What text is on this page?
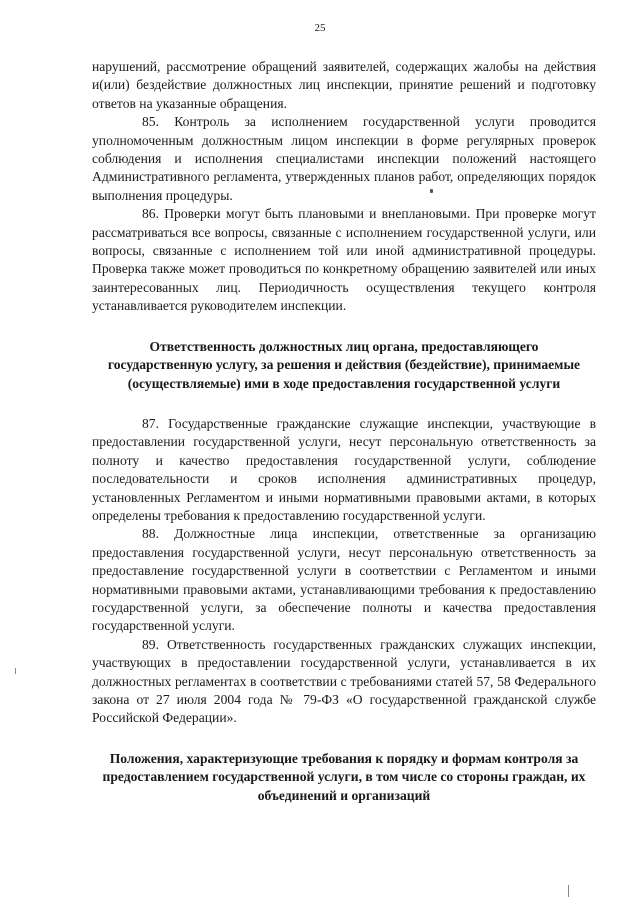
25

нарушений, рассмотрение обращений заявителей, содержащих жалобы на действия и(или) бездействие должностных лиц инспекции, принятие решений и подготовку ответов на указанные обращения.

85. Контроль за исполнением государственной услуги проводится уполномоченным должностным лицом инспекции в форме регулярных проверок соблюдения и исполнения специалистами инспекции положений настоящего Административного регламента, утвержденных планов работ, определяющих порядок выполнения процедуры.

86. Проверки могут быть плановыми и внеплановыми. При проверке могут рассматриваться все вопросы, связанные с исполнением государственной услуги, или вопросы, связанные с исполнением той или иной административной процедуры. Проверка также может проводиться по конкретному обращению заявителей или иных заинтересованных лиц. Периодичность осуществления текущего контроля устанавливается руководителем инспекции.

Ответственность должностных лиц органа, предоставляющего государственную услугу, за решения и действия (бездействие), принимаемые (осуществляемые) ими в ходе предоставления государственной услуги

87. Государственные гражданские служащие инспекции, участвующие в предоставлении государственной услуги, несут персональную ответственность за полноту и качество предоставления государственной услуги, соблюдение последовательности и сроков исполнения административных процедур, установленных Регламентом и иными нормативными правовыми актами, в которых определены требования к предоставлению государственной услуги.

88. Должностные лица инспекции, ответственные за организацию предоставления государственной услуги, несут персональную ответственность за предоставление государственной услуги в соответствии с Регламентом и иными нормативными правовыми актами, устанавливающими требования к предоставлению государственной услуги, за обеспечение полноты и качества предоставления государственной услуги.

89. Ответственность государственных гражданских служащих инспекции, участвующих в предоставлении государственной услуги, устанавливается в их должностных регламентах в соответствии с требованиями статей 57, 58 Федерального закона от 27 июля 2004 года № 79-ФЗ «О государственной гражданской службе Российской Федерации».

Положения, характеризующие требования к порядку и формам контроля за предоставлением государственной услуги, в том числе со стороны граждан, их объединений и организаций
